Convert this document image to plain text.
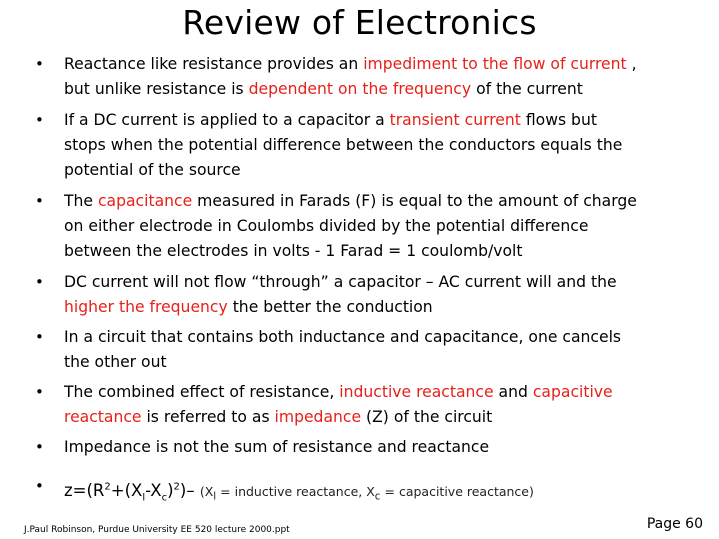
Review of Electronics
• Reactance like resistance provides an impediment to the flow of current ,
but unlike resistance is dependent on the frequency of the current
• If a DC current is applied to a capacitor a transient current flows but
stops when the potential difference between the conductors equals the
potential of the source
• The capacitance measured in Farads (F) is equal to the amount of charge
on either electrode in Coulombs divided by the potential difference
between the electrodes in volts - 1 Farad = 1 coulomb/volt
• DC current will not flow “through” a capacitor – AC current will and the
higher the frequency the better the conduction
• In a circuit that contains both inductance and capacitance, one cancels
the other out
• The combined effect of resistance, inductive reactance and capacitive
reactance is referred to as impedance (Z) of the circuit
• Impedance is not the sum of resistance and reactance
• $z=(R^2+(X_l-X_c)^2)-$ ($X_l$ = inductive reactance, $X_c$ = capacitive reactance)
J.Paul Robinson, Purdue University EE 520 lecture 2000.ppt	Page 60
